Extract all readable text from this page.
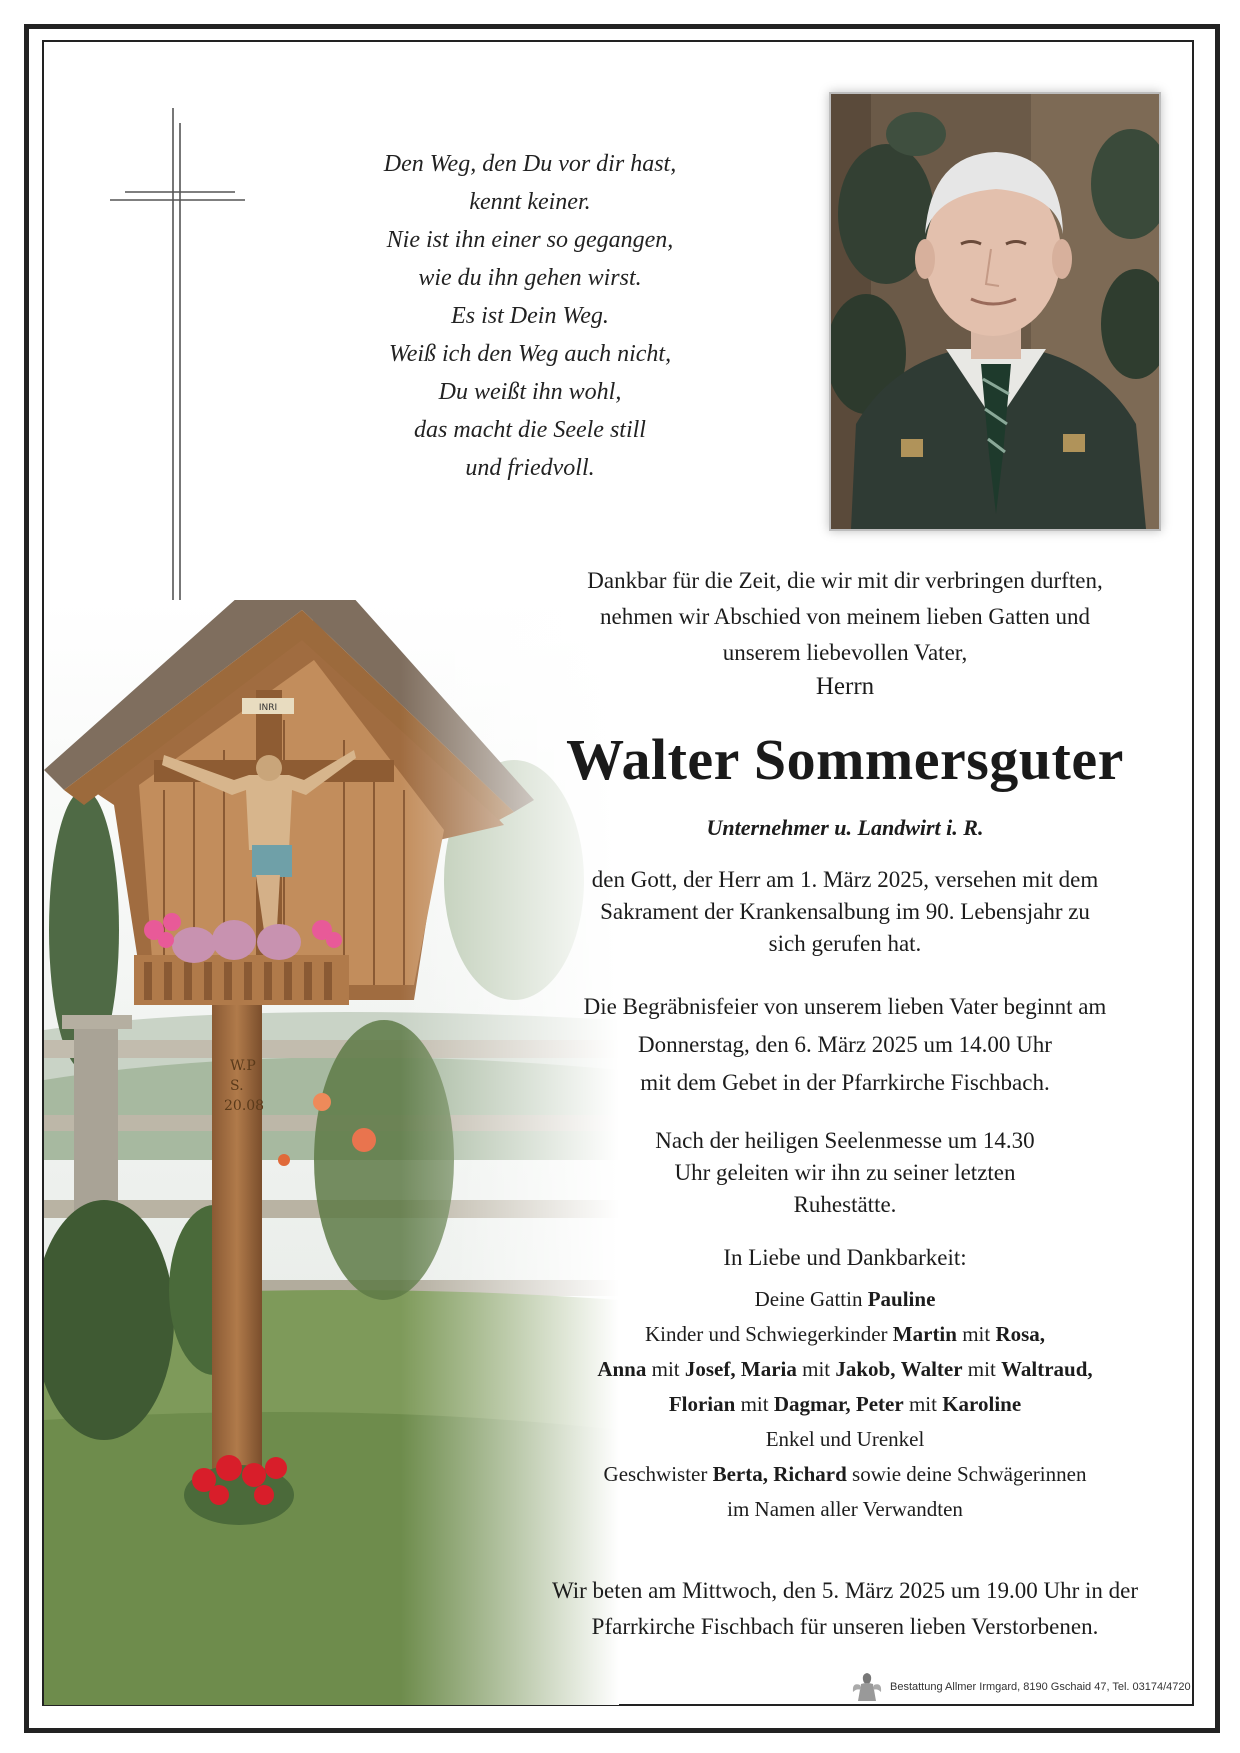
Den Weg, den Du vor dir hast,
kennt keiner.
Nie ist ihn einer so gegangen,
wie du ihn gehen wirst.
Es ist Dein Weg.
Weiß ich den Weg auch nicht,
Du weißt ihn wohl,
das macht die Seele still
und friedvoll.
Dankbar für die Zeit, die wir mit dir verbringen durften,
nehmen wir Abschied von meinem lieben Gatten und
unserem liebevollen Vater,
Herrn
Walter Sommersguter
Unternehmer u. Landwirt i. R.
den Gott, der Herr am 1. März 2025, versehen mit dem
Sakrament der Krankensalbung im 90. Lebensjahr zu
sich gerufen hat.
Die Begräbnisfeier von unserem lieben Vater beginnt am
Donnerstag, den 6. März 2025 um 14.00 Uhr
mit dem Gebet in der Pfarrkirche Fischbach.
Nach der heiligen Seelenmesse um 14.30
Uhr geleiten wir ihn zu seiner letzten
Ruhestätte.
In Liebe und Dankbarkeit:
Deine Gattin Pauline
Kinder und Schwiegerkinder Martin mit Rosa,
Anna mit Josef, Maria mit Jakob, Walter mit Waltraud,
Florian mit Dagmar, Peter mit Karoline
Enkel und Urenkel
Geschwister Berta, Richard sowie deine Schwägerinnen
im Namen aller Verwandten
Wir beten am Mittwoch, den 5. März 2025 um 19.00 Uhr in der
Pfarrkirche Fischbach für unseren lieben Verstorbenen.
Bestattung Allmer Irmgard, 8190 Gschaid 47, Tel. 03174/4720
